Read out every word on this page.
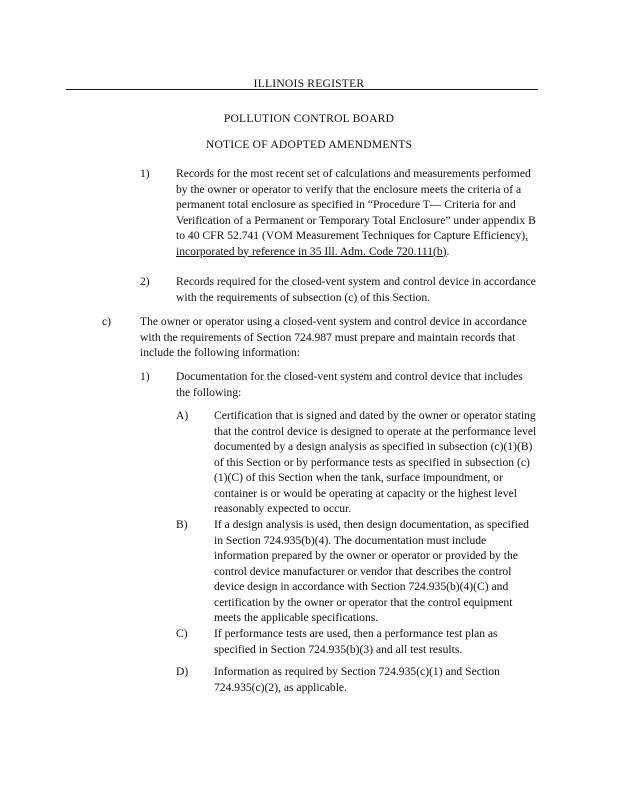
ILLINOIS REGISTER
POLLUTION CONTROL BOARD
NOTICE OF ADOPTED AMENDMENTS
1) Records for the most recent set of calculations and measurements performed by the owner or operator to verify that the enclosure meets the criteria of a permanent total enclosure as specified in “Procedure T— Criteria for and Verification of a Permanent or Temporary Total Enclosure” under appendix B to 40 CFR 52.741 (VOM Measurement Techniques for Capture Efficiency), incorporated by reference in 35 Ill. Adm. Code 720.111(b).
2) Records required for the closed-vent system and control device in accordance with the requirements of subsection (c) of this Section.
c) The owner or operator using a closed-vent system and control device in accordance with the requirements of Section 724.987 must prepare and maintain records that include the following information:
1) Documentation for the closed-vent system and control device that includes the following:
A) Certification that is signed and dated by the owner or operator stating that the control device is designed to operate at the performance level documented by a design analysis as specified in subsection (c)(1)(B) of this Section or by performance tests as specified in subsection (c)(1)(C) of this Section when the tank, surface impoundment, or container is or would be operating at capacity or the highest level reasonably expected to occur.
B) If a design analysis is used, then design documentation, as specified in Section 724.935(b)(4). The documentation must include information prepared by the owner or operator or provided by the control device manufacturer or vendor that describes the control device design in accordance with Section 724.935(b)(4)(C) and certification by the owner or operator that the control equipment meets the applicable specifications.
C) If performance tests are used, then a performance test plan as specified in Section 724.935(b)(3) and all test results.
D) Information as required by Section 724.935(c)(1) and Section 724.935(c)(2), as applicable.
